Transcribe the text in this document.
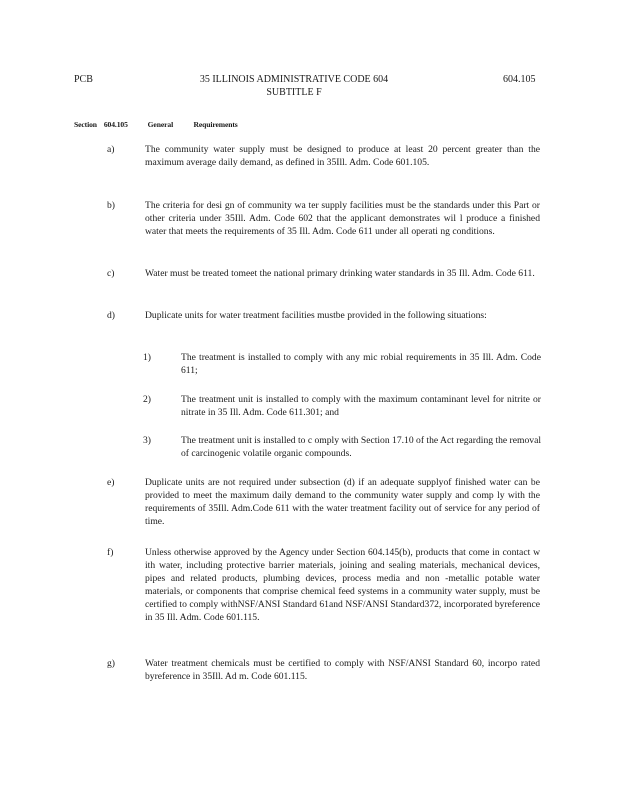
PCB	35 ILLINOIS ADMINISTRATIVE CODE 604
SUBTITLE F
604.105
Section 604.105	General	Requirements
a)	The community water supply must be designed to produce at least 20 percent greater than the maximum average daily demand, as defined in 35Ill. Adm. Code 601.105.
b)	The criteria for desi gn of community wa ter supply facilities must be the standards under this Part or other criteria under 35Ill. Adm. Code 602 that the applicant demonstrates wil l produce a finished water that meets the requirements of 35 Ill. Adm. Code 611 under all operati ng conditions.
c)	Water must be treated tomeet the national primary drinking water standards in 35 Ill. Adm. Code 611.
d)	Duplicate units for water treatment facilities mustbe provided in the following situations:
1)	The treatment is installed to comply with any mic robial requirements in 35 Ill. Adm. Code 611;
2)	The treatment unit is installed to comply with the maximum contaminant level for nitrite or nitrate in 35 Ill. Adm. Code 611.301; and
3)	The treatment unit is installed to c omply with Section 17.10 of the Act regarding the removal of carcinogenic volatile organic compounds.
e)	Duplicate units are not required under subsection (d) if an adequate supplyof finished water can be provided to meet the maximum daily demand to the community water supply and comp ly with the requirements of 35Ill. Adm.Code 611 with the water treatment facility out of service for any period of time.
f)	Unless otherwise approved by the Agency under Section 604.145(b), products that come in contact w ith water, including protective barrier materials, joining and sealing materials, mechanical devices, pipes and related products, plumbing devices, process media and non -metallic potable water materials, or components that comprise chemical feed systems in a community water supply, must be certified to comply withNSF/ANSI Standard 61and NSF/ANSI Standard372, incorporated byreference in 35 Ill. Adm. Code 601.115.
g)	Water treatment chemicals must be certified to comply with NSF/ANSI Standard 60, incorpo rated byreference in 35Ill. Ad m. Code 601.115.
